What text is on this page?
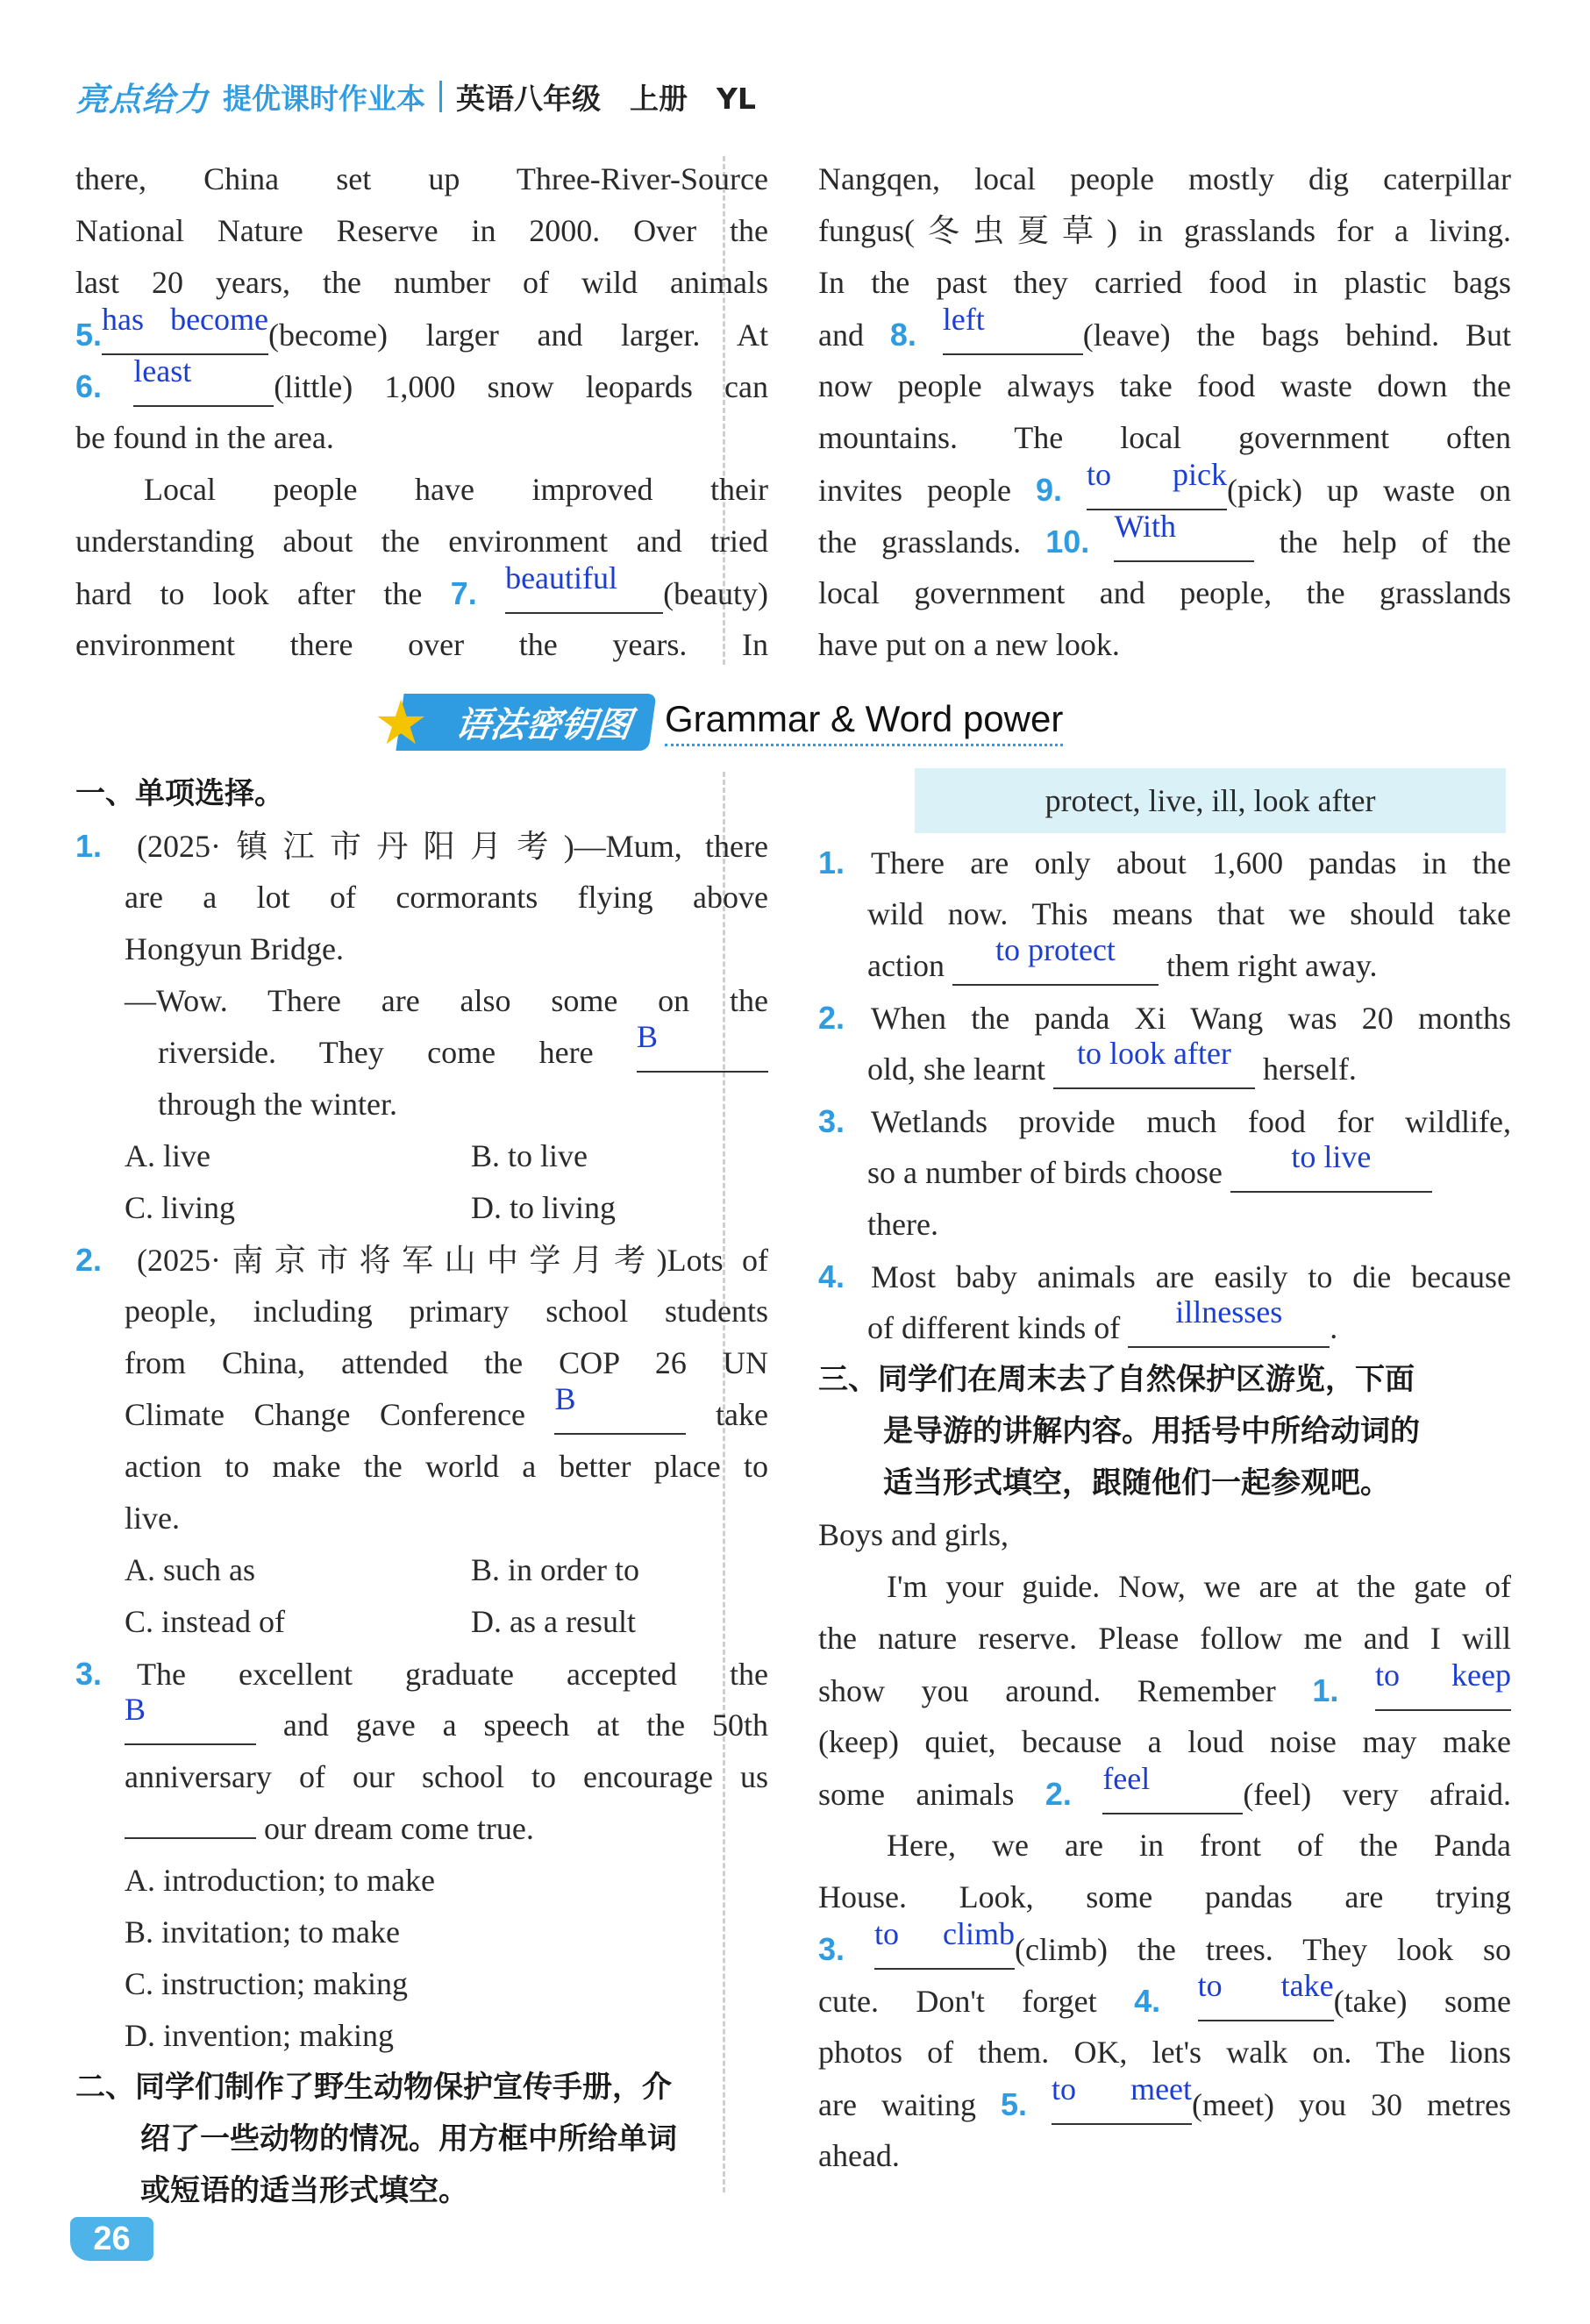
亮点给力 提优课时作业本 英语八年级　上册　YL
there, China set up Three-River-Source
National Nature Reserve in 2000. Over the
last 20 years, the number of wild animals
5.has become(become) larger and larger. At
6. least	(little) 1,000 snow leopards can
be found in the area.
Local people have improved their
understanding about the environment and tried
hard to look after the 7. beautiful (beauty)
environment there over the years. In
Nangqen, local people mostly dig caterpillar
fungus(冬虫夏草) in grasslands for a living.
In the past they carried food in plastic bags
and 8. left	(leave) the bags behind. But
now people always take food waste down the
mountains. The local government often
invites people 9. to pick(pick) up waste on
the grasslands. 10. With	the help of the
local government and people, the grasslands
have put on a new look.
★ 语法密钥图 Grammar & Word power
一、单项选择。
1. (2025·镇江市丹阳月考)—Mum, there
are a lot of cormorants flying above
Hongyun Bridge.
—Wow. There are also some on the
riverside. They come here B
through the winter.
A. live	B. to live
C. living	D. to living
2. (2025·南京市将军山中学月考)Lots of
people, including primary school students
from China, attended the COP 26 UN
Climate Change Conference B	take
action to make the world a better place to
live.
A. such as	B. in order to
C. instead of	D. as a result
3. The excellent graduate accepted the
B	and gave a speech at the 50th
anniversary of our school to encourage us
our dream come true.
A. introduction; to make
B. invitation; to make
C. instruction; making
D. invention; making
二、同学们制作了野生动物保护宣传手册，介
绍了一些动物的情况。用方框中所给单词
或短语的适当形式填空。
protect, live, ill, look after
1. There are only about 1,600 pandas in the
wild now. This means that we should take
action to protect them right away.
2. When the panda Xi Wang was 20 months
old, she learnt to look after herself.
3. Wetlands provide much food for wildlife,
so a number of birds choose to live
there.
4. Most baby animals are easily to die because
of different kinds of illnesses .
三、同学们在周末去了自然保护区游览，下面
是导游的讲解内容。用括号中所给动词的
适当形式填空，跟随他们一起参观吧。
Boys and girls,
I'm your guide. Now, we are at the gate of
the nature reserve. Please follow me and I will
show you around. Remember 1. to keep
(keep) quiet, because a loud noise may make
some animals 2. feel	(feel) very afraid.
Here, we are in front of the Panda
House. Look, some pandas are trying
3. to climb(climb) the trees. They look so
cute. Don't forget 4. to take(take) some
photos of them. OK, let's walk on. The lions
are waiting 5. to meet(meet) you 30 metres
ahead.
26
